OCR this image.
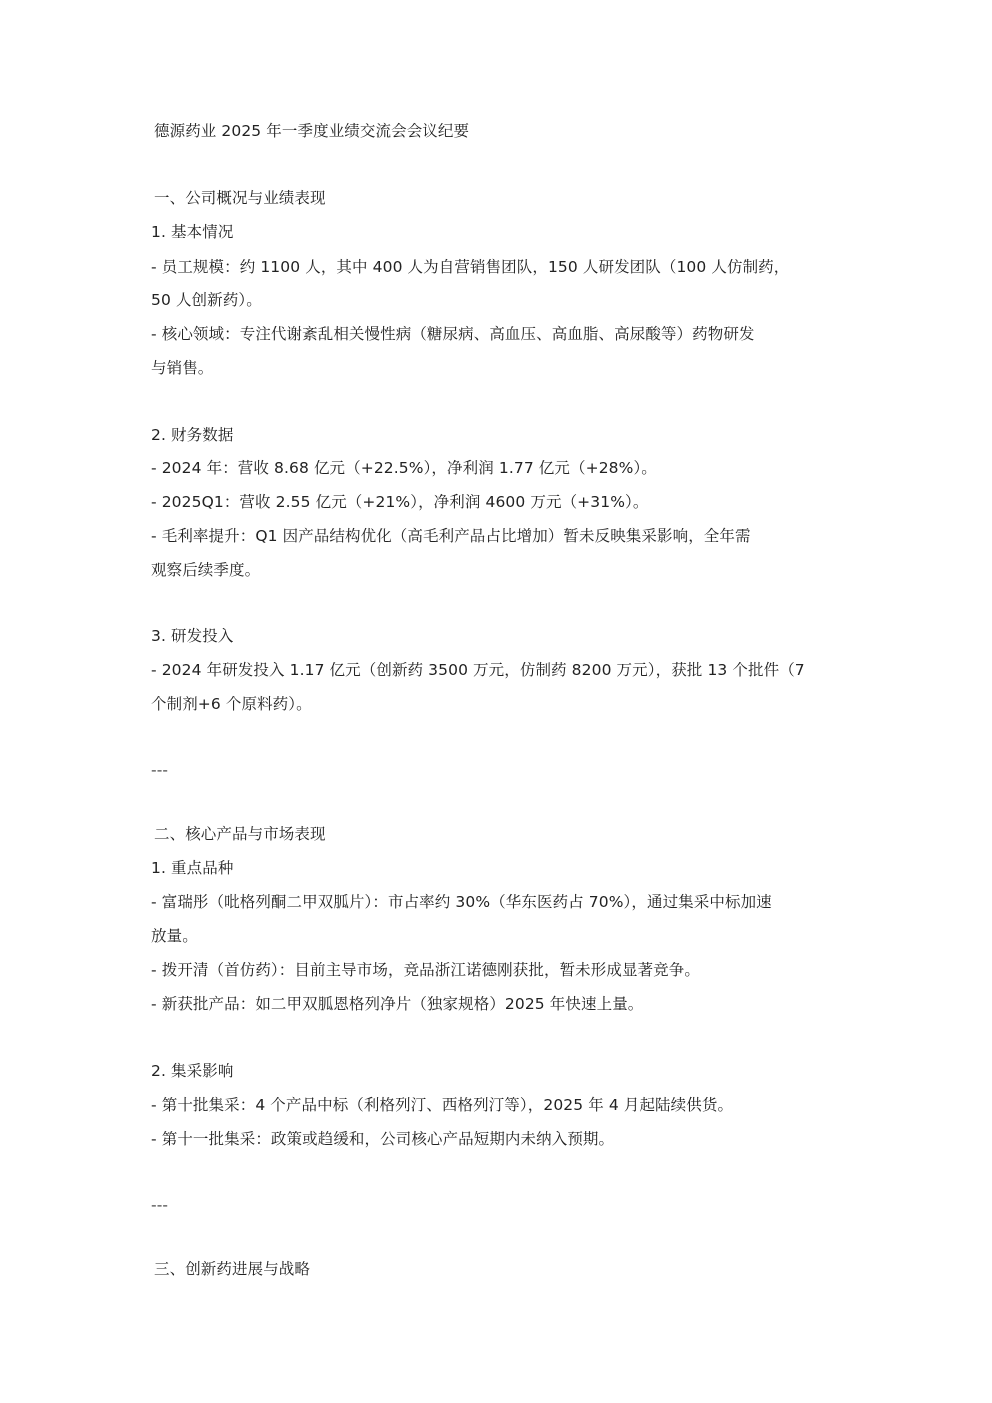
德源药业 2025 年一季度业绩交流会会议纪要
一、公司概况与业绩表现
1. 基本情况
- 员工规模：约 1100 人，其中 400 人为自营销售团队，150 人研发团队（100 人仿制药，
50 人创新药）。
- 核心领域：专注代谢紊乱相关慢性病（糖尿病、高血压、高血脂、高尿酸等）药物研发
与销售。
2. 财务数据
- 2024 年：营收 8.68 亿元（+22.5%），净利润 1.77 亿元（+28%）。
- 2025Q1：营收 2.55 亿元（+21%），净利润 4600 万元（+31%）。
- 毛利率提升：Q1 因产品结构优化（高毛利产品占比增加）暂未反映集采影响，全年需
观察后续季度。
3. 研发投入
- 2024 年研发投入 1.17 亿元（创新药 3500 万元，仿制药 8200 万元），获批 13 个批件（7
个制剂+6 个原料药）。
---
二、核心产品与市场表现
1. 重点品种
- 富瑞彤（吡格列酮二甲双胍片）：市占率约 30%（华东医药占 70%），通过集采中标加速
放量。
- 拨开清（首仿药）：目前主导市场，竞品浙江诺德刚获批，暂未形成显著竞争。
- 新获批产品：如二甲双胍恩格列净片（独家规格）2025 年快速上量。
2. 集采影响
- 第十批集采：4 个产品中标（利格列汀、西格列汀等），2025 年 4 月起陆续供货。
- 第十一批集采：政策或趋缓和，公司核心产品短期内未纳入预期。
---
三、创新药进展与战略
